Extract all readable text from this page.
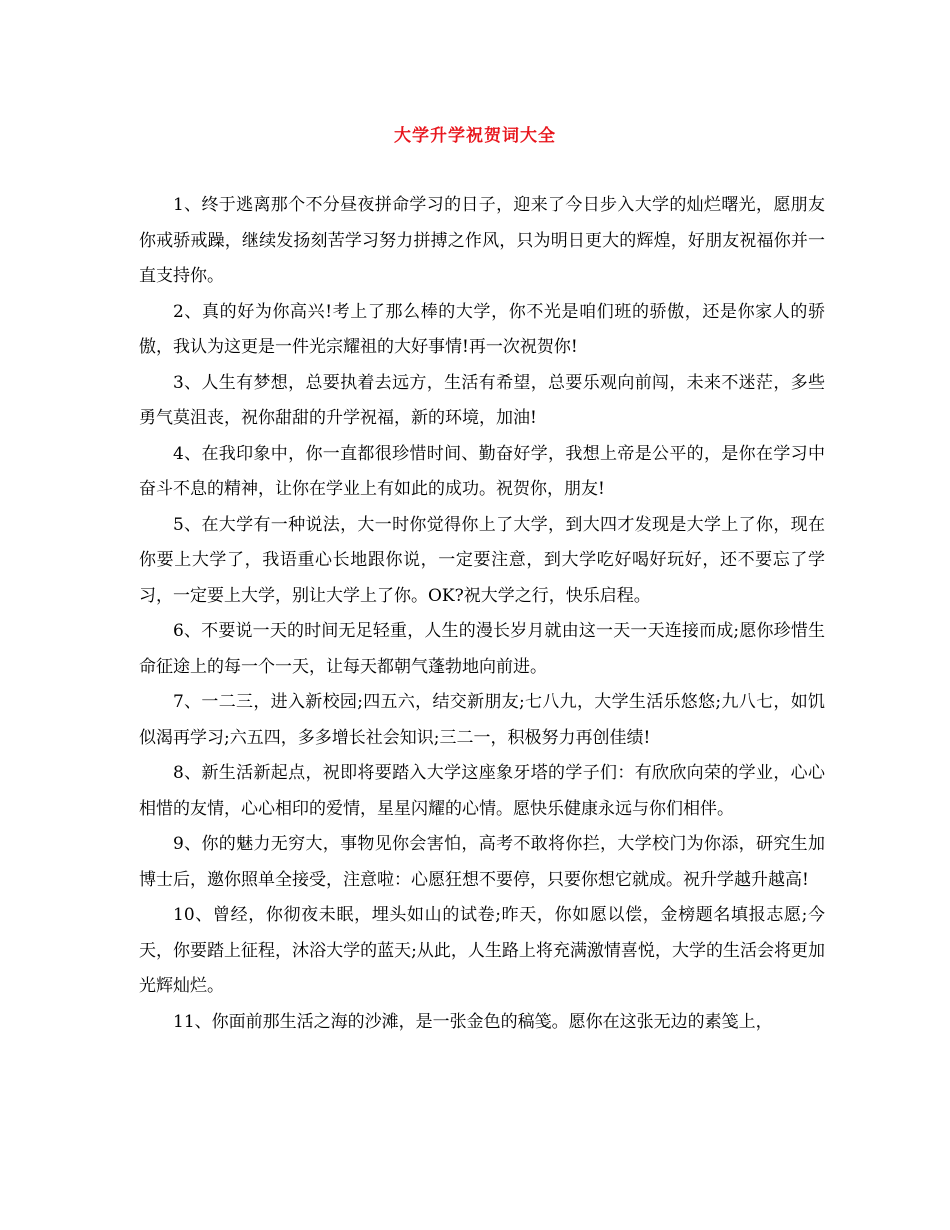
大学升学祝贺词大全

1、终于逃离那个不分昼夜拼命学习的日子，迎来了今日步入大学的灿烂曙光，愿朋友你戒骄戒躁，继续发扬刻苦学习努力拼搏之作风，只为明日更大的辉煌，好朋友祝福你并一直支持你。

2、真的好为你高兴!考上了那么棒的大学，你不光是咱们班的骄傲，还是你家人的骄傲，我认为这更是一件光宗耀祖的大好事情!再一次祝贺你!

3、人生有梦想，总要执着去远方，生活有希望，总要乐观向前闯，未来不迷茫，多些勇气莫沮丧，祝你甜甜的升学祝福，新的环境，加油!

4、在我印象中，你一直都很珍惜时间、勤奋好学，我想上帝是公平的，是你在学习中奋斗不息的精神，让你在学业上有如此的成功。祝贺你，朋友!

5、在大学有一种说法，大一时你觉得你上了大学，到大四才发现是大学上了你，现在你要上大学了，我语重心长地跟你说，一定要注意，到大学吃好喝好玩好，还不要忘了学习，一定要上大学，别让大学上了你。OK?祝大学之行，快乐启程。

6、不要说一天的时间无足轻重，人生的漫长岁月就由这一天一天连接而成;愿你珍惜生命征途上的每一个一天，让每天都朝气蓬勃地向前进。

7、一二三，进入新校园;四五六，结交新朋友;七八九，大学生活乐悠悠;九八七，如饥似渴再学习;六五四，多多增长社会知识;三二一，积极努力再创佳绩!

8、新生活新起点，祝即将要踏入大学这座象牙塔的学子们：有欣欣向荣的学业，心心相惜的友情，心心相印的爱情，星星闪耀的心情。愿快乐健康永远与你们相伴。

9、你的魅力无穷大，事物见你会害怕，高考不敢将你拦，大学校门为你添，研究生加博士后，邀你照单全接受，注意啦：心愿狂想不要停，只要你想它就成。祝升学越升越高!

10、曾经，你彻夜未眠，埋头如山的试卷;昨天，你如愿以偿，金榜题名填报志愿;今天，你要踏上征程，沐浴大学的蓝天;从此，人生路上将充满激情喜悦，大学的生活会将更加光辉灿烂。

11、你面前那生活之海的沙滩，是一张金色的稿笺。愿你在这张无边的素笺上，
